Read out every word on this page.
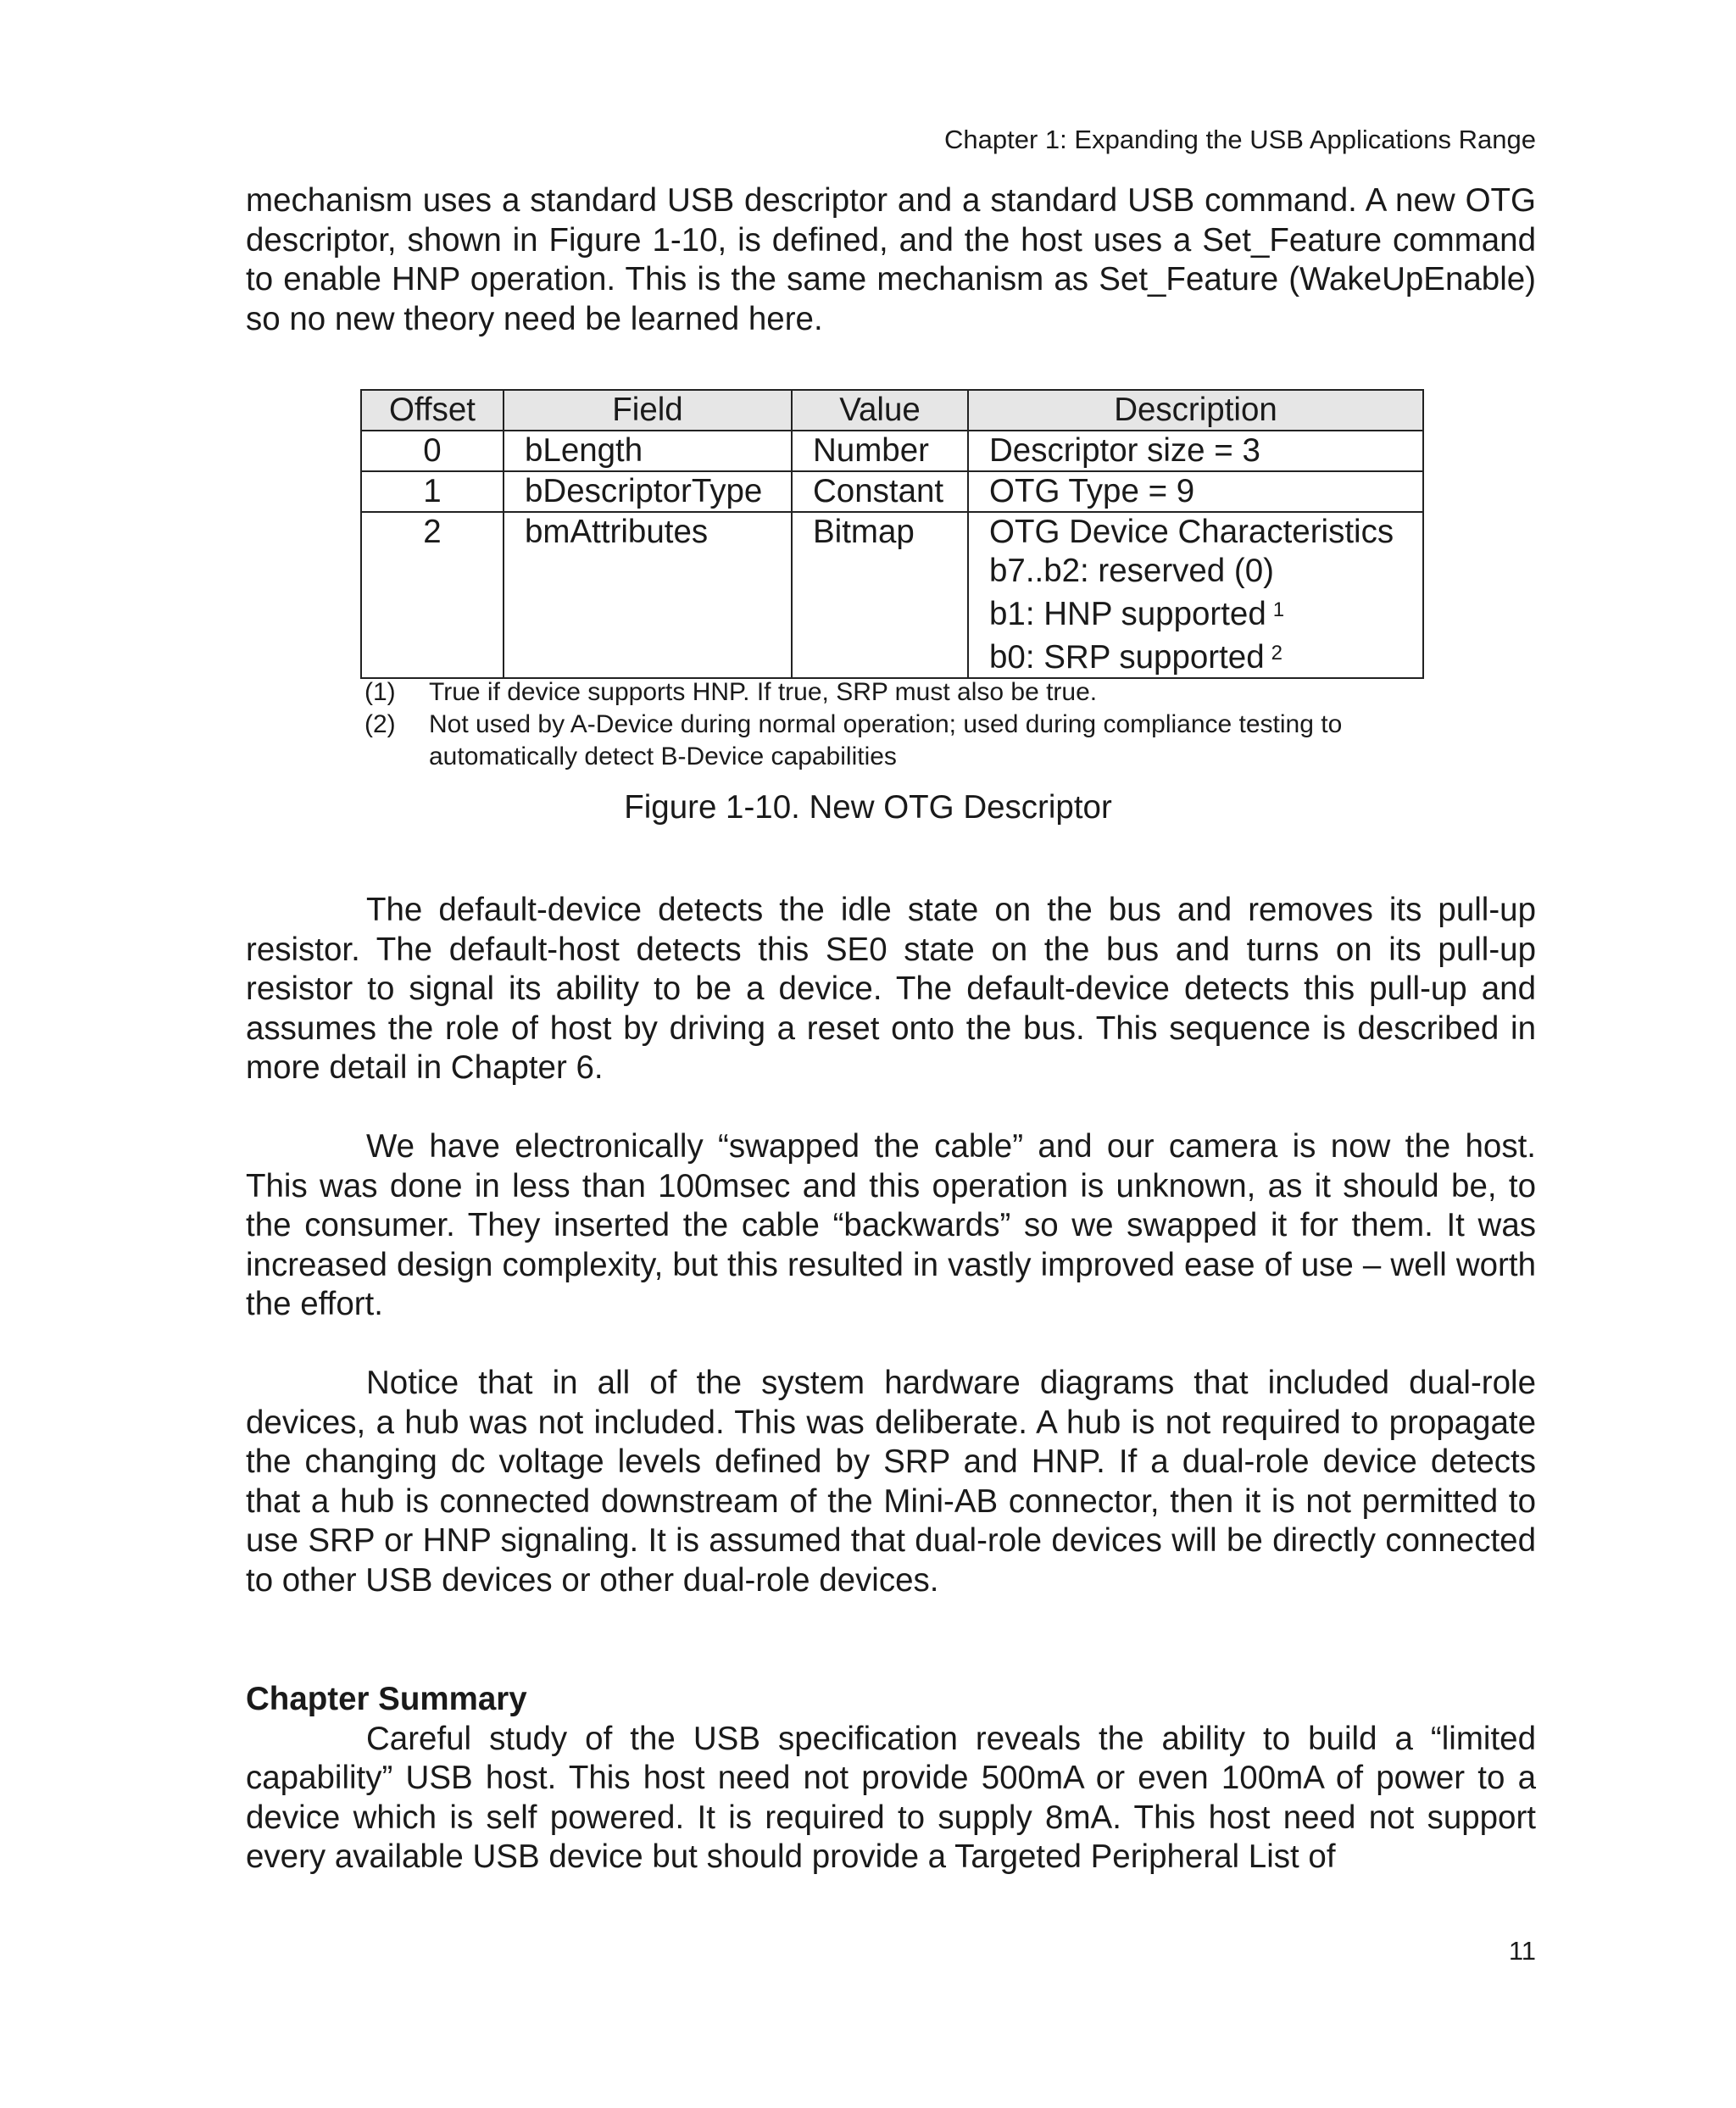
Chapter 1: Expanding the USB Applications Range
mechanism uses a standard USB descriptor and a standard USB command. A new OTG descriptor, shown in Figure 1-10, is defined, and the host uses a Set_Feature command to enable HNP operation. This is the same mechanism as Set_Feature (WakeUpEnable) so no new theory need be learned here.
Offset	Field	Value	Description
0	bLength	Number	Descriptor size = 3
1	bDescriptorType	Constant	OTG Type = 9
2	bmAttributes	Bitmap	OTG Device Characteristics
b7..b2: reserved (0)
b1: HNP supported $^1$
b0: SRP supported $^2$
(1)	True if device supports HNP. If true, SRP must also be true.
(2)	Not used by A-Device during normal operation; used during compliance testing to automatically detect B-Device capabilities
Figure 1-10. New OTG Descriptor
The default-device detects the idle state on the bus and removes its pull-up resistor. The default-host detects this SE0 state on the bus and turns on its pull-up resistor to signal its ability to be a device. The default-device detects this pull-up and assumes the role of host by driving a reset onto the bus. This sequence is described in more detail in Chapter 6.
We have electronically “swapped the cable” and our camera is now the host. This was done in less than 100msec and this operation is unknown, as it should be, to the consumer. They inserted the cable “backwards” so we swapped it for them. It was increased design complexity, but this resulted in vastly improved ease of use – well worth the effort.
Notice that in all of the system hardware diagrams that included dual-role devices, a hub was not included. This was deliberate. A hub is not required to propagate the changing dc voltage levels defined by SRP and HNP. If a dual-role device detects that a hub is connected downstream of the Mini-AB connector, then it is not permitted to use SRP or HNP signaling. It is assumed that dual-role devices will be directly connected to other USB devices or other dual-role devices.
Chapter Summary
Careful study of the USB specification reveals the ability to build a “limited capability” USB host. This host need not provide 500mA or even 100mA of power to a device which is self powered. It is required to supply 8mA. This host need not support every available USB device but should provide a Targeted Peripheral List of
11
